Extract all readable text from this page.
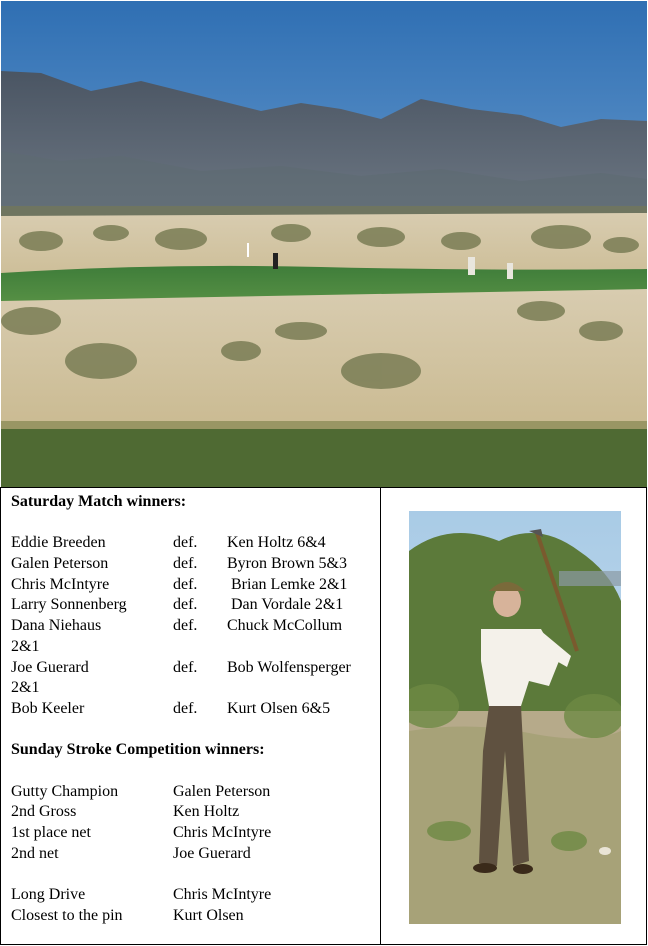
Saturday Match winners:
Eddie Breeden	def. Ken Holtz 6&4
Galen Peterson	def. Byron Brown 5&3
Chris McIntyre	def. Brian Lemke 2&1
Larry Sonnenberg	def. Dan Vordale 2&1
Dana Niehaus	def. Chuck McCollum
2&1
Joe Guerard	def. Bob Wolfensperger
2&1
Bob Keeler	def. Kurt Olsen 6&5
Sunday Stroke Competition winners:
Gutty Champion	Galen Peterson
2nd Gross	Ken Holtz
1st place net	Chris McIntyre
2nd net	Joe Guerard
Long Drive	Chris McIntyre
Closest to the pin	Kurt Olsen
